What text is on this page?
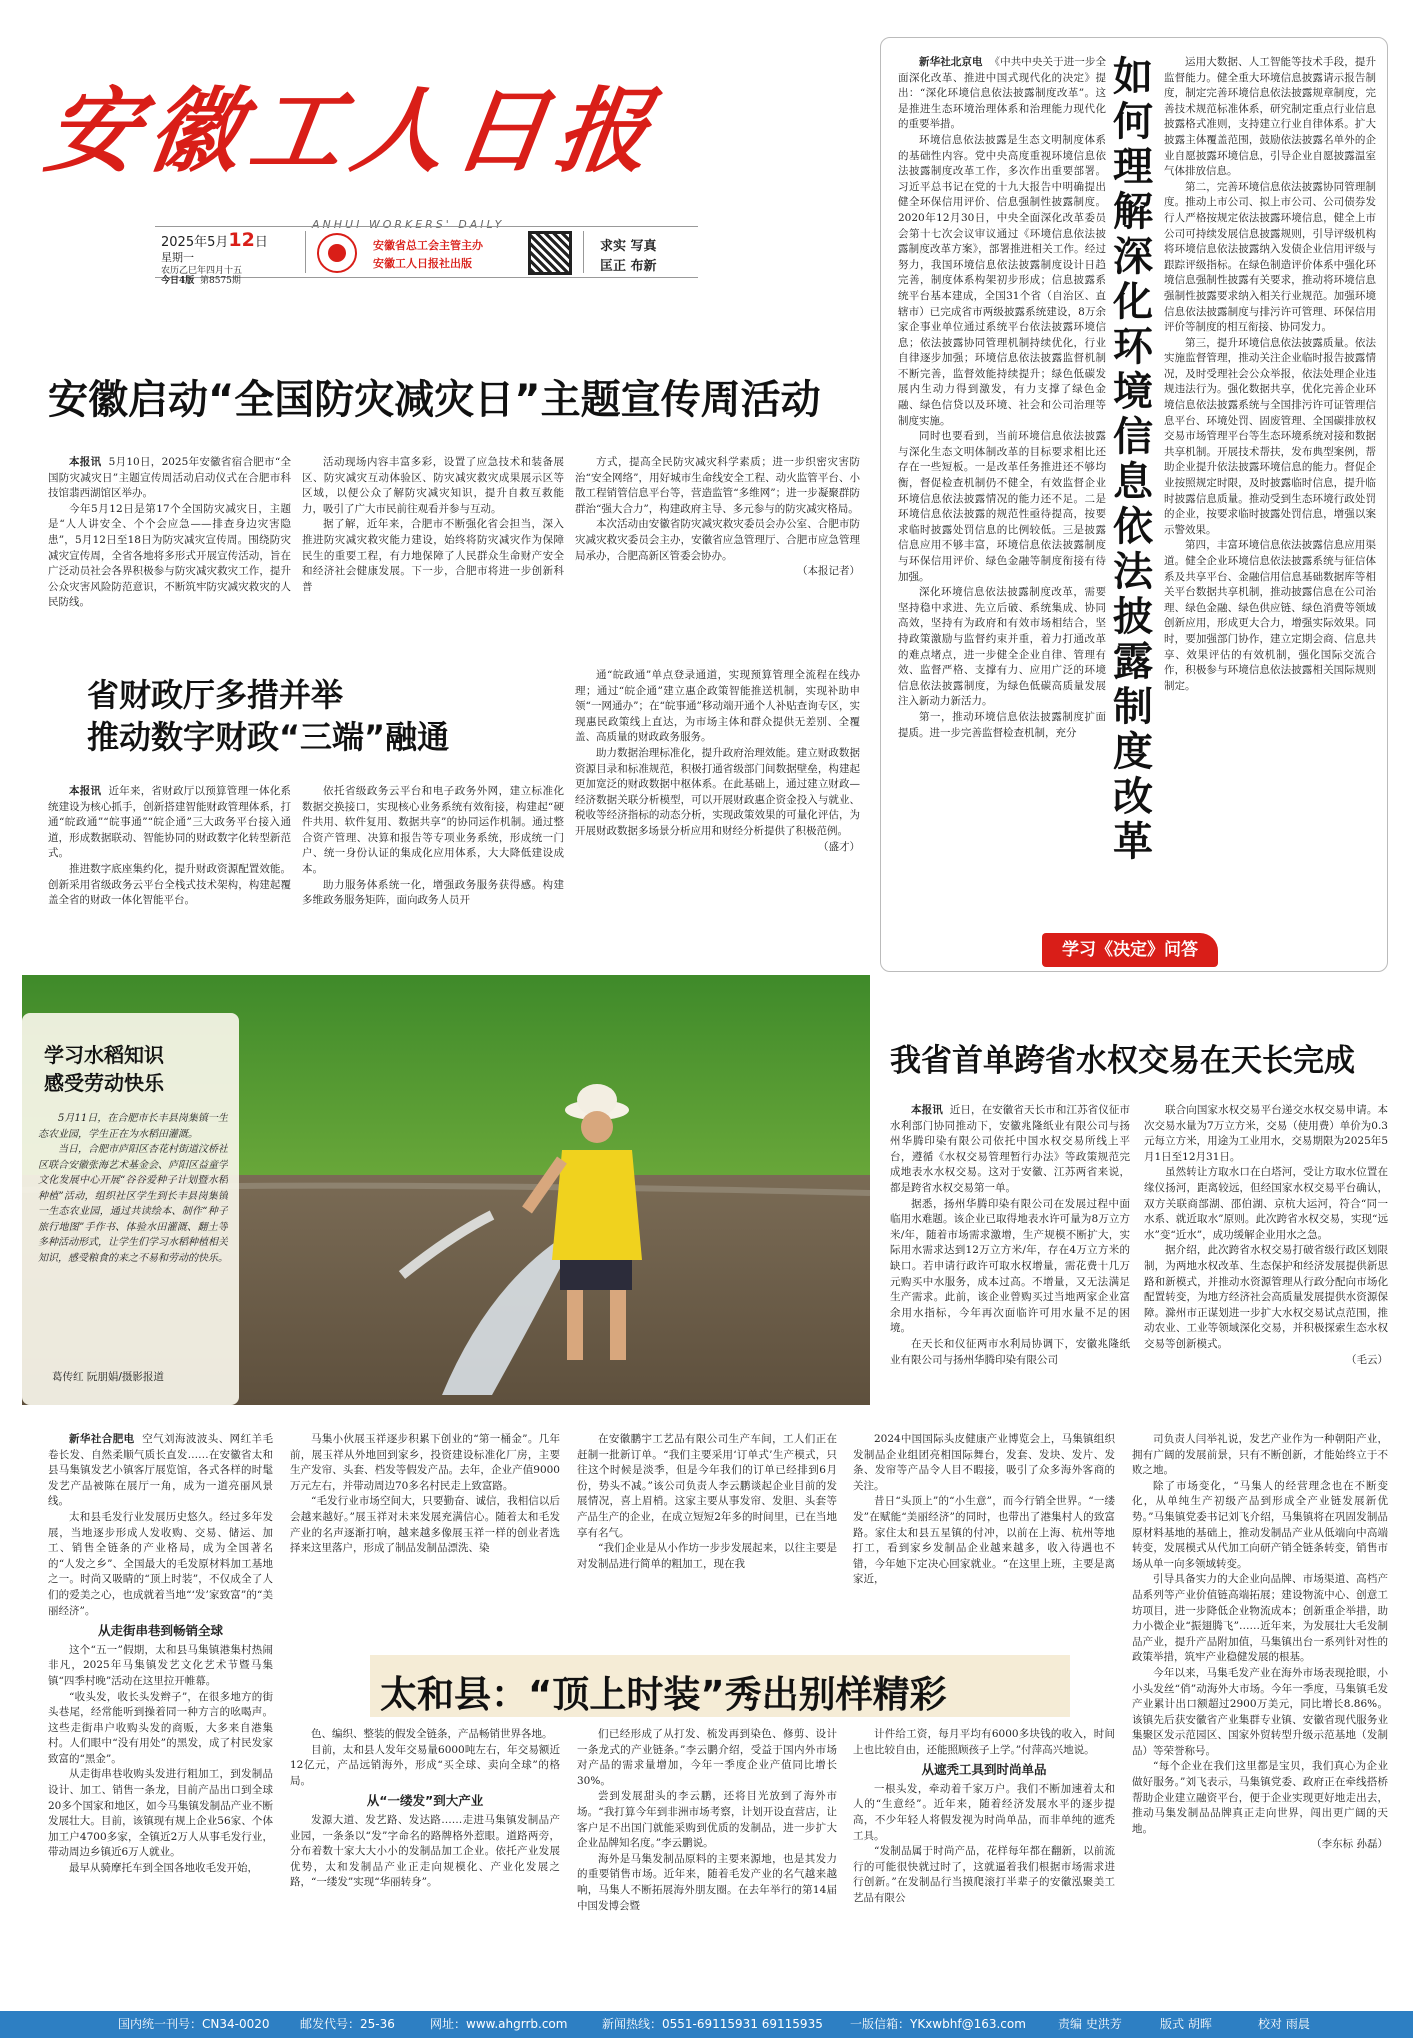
安徽工人日报
ANHUI WORKERS' DAILY
2025年5月12日
星期一
农历乙巳年四月十五
今日4版 第8575期
安徽省总工会主管主办
安徽工人日报社出版
求实 写真
匡正 布新
安徽启动“全国防灾减灾日”主题宣传周活动

本报讯 5月10日，2025年安徽省宿合肥市“全国防灾减灾日”主题宣传周活动启动仪式在合肥市科技馆翡西湖馆区举办。

今年5月12日是第17个全国防灾减灾日，主题是“人人讲安全、个个会应急——排查身边灾害隐患”，5月12日至18日为防灾减灾宣传周。围绕防灾减灾宣传周，全省各地将多形式开展宣传活动，旨在广泛动员社会各界积极参与防灾减灾救灾工作，提升公众灾害风险防范意识，不断筑牢防灾减灾救灾的人民防线。

活动现场内容丰富多彩，设置了应急技术和装备展区、防灾减灾互动体验区、防灾减灾救灾成果展示区等区域，以便公众了解防灾减灾知识，提升自救互救能力，吸引了广大市民前往观看并参与互动。

据了解，近年来，合肥市不断强化省会担当，深入推进防灾减灾救灾能力建设，始终将防灾减灾作为保障民生的重要工程，有力地保障了人民群众生命财产安全和经济社会健康发展。下一步，合肥市将进一步创新科普

方式，提高全民防灾减灾科学素质；进一步织密灾害防治“安全网络”，用好城市生命线安全工程、动火监管平台、小散工程销管信息平台等，营造监管“多维网”；进一步凝聚群防群治“强大合力”，构建政府主导、多元参与的防灾减灾格局。

本次活动由安徽省防灾减灾救灾委员会办公室、合肥市防灾减灾救灾委员会主办，安徽省应急管理厅、合肥市应急管理局承办，合肥高新区管委会协办。

（本报记者）
省财政厅多措并举
推动数字财政“三端”融通

本报讯 近年来，省财政厅以预算管理一体化系统建设为核心抓手，创新搭建智能财政管理体系，打通“皖政通”“皖事通”“皖企通”三大政务平台接入通道，形成数据联动、智能协同的财政数字化转型新范式。

推进数字底座集约化，提升财政资源配置效能。创新采用省级政务云平台全栈式技术架构，构建起覆盖全省的财政一体化智能平台。

依托省级政务云平台和电子政务外网，建立标准化数据交换接口，实现核心业务系统有效衔接，构建起“硬件共用、软件复用、数据共享”的协同运作机制。通过整合资产管理、决算和报告等专项业务系统，形成统一门户、统一身份认证的集成化应用体系，大大降低建设成本。

助力服务体系统一化，增强政务服务获得感。构建多维政务服务矩阵，面向政务人员开

通“皖政通”单点登录通道，实现预算管理全流程在线办理；通过“皖企通”建立惠企政策智能推送机制，实现补助申领“一网通办”；在“皖事通”移动端开通个人补贴查询专区，实现惠民政策线上直达，为市场主体和群众提供无差别、全覆盖、高质量的财政政务服务。

助力数据治理标准化，提升政府治理效能。建立财政数据资源目录和标准规范，积极打通省级部门间数据壁垒，构建起更加宽泛的财政数据中枢体系。在此基础上，通过建立财政—经济数据关联分析模型，可以开展财政惠企资金投入与就业、税收等经济指标的动态分析，实现政策效果的可量化评估，为开展财政数据多场景分析应用和财经分析提供了积极范例。

（盛才）
如何理解深化环境信息依法披露制度改革

新华社北京电 《中共中央关于进一步全面深化改革、推进中国式现代化的决定》提出：“深化环境信息依法披露制度改革”。这是推进生态环境治理体系和治理能力现代化的重要举措。

环境信息依法披露是生态文明制度体系的基础性内容。党中央高度重视环境信息依法披露制度改革工作，多次作出重要部署。习近平总书记在党的十九大报告中明确提出健全环保信用评价、信息强制性披露制度。2020年12月30日，中央全面深化改革委员会第十七次会议审议通过《环境信息依法披露制度改革方案》，部署推进相关工作。经过努力，我国环境信息依法披露制度设计日趋完善，制度体系构架初步形成；信息披露系统平台基本建成，全国31个省（自治区、直辖市）已完成省市两级披露系统建设，8万余家企事业单位通过系统平台依法披露环境信息；依法披露协同管理机制持续优化，行业自律逐步加强；环境信息依法披露监督机制不断完善，监督效能持续提升；绿色低碳发展内生动力得到激发，有力支撑了绿色金融、绿色信贷以及环境、社会和公司治理等制度实施。

同时也要看到，当前环境信息依法披露与深化生态文明体制改革的目标要求相比还存在一些短板。一是改革任务推进还不够均衡，督促检查机制仍不健全，有效监督企业环境信息依法披露情况的能力还不足。二是环境信息依法披露的规范性亟待提高，按要求临时披露处罚信息的比例较低。三是披露信息应用不够丰富，环境信息依法披露制度与环保信用评价、绿色金融等制度衔接有待加强。

深化环境信息依法披露制度改革，需要坚持稳中求进、先立后破、系统集成、协同高效，坚持有为政府和有效市场相结合，坚持政策激励与监督约束并重，着力打通改革的难点堵点，进一步健全企业自律、管理有效、监督严格、支撑有力、应用广泛的环境信息依法披露制度，为绿色低碳高质量发展注入新动力新活力。

第一，推动环境信息依法披露制度扩面提质。进一步完善监督检查机制，充分

运用大数据、人工智能等技术手段，提升监督能力。健全重大环境信息披露请示报告制度，制定完善环境信息依法披露规章制度，完善技术规范标准体系，研究制定重点行业信息披露格式准则，支持建立行业自律体系。扩大披露主体覆盖范围，鼓励依法披露名单外的企业自愿披露环境信息，引导企业自愿披露温室气体排放信息。

第二，完善环境信息依法披露协同管理制度。推动上市公司、拟上市公司、公司债券发行人严格按规定依法披露环境信息，健全上市公司可持续发展信息披露规则，引导评级机构将环境信息依法披露纳入发债企业信用评级与跟踪评级指标。在绿色制造评价体系中强化环境信息强制性披露有关要求，推动将环境信息强制性披露要求纳入相关行业规范。加强环境信息依法披露制度与排污许可管理、环保信用评价等制度的相互衔接、协同发力。

第三，提升环境信息依法披露质量。依法实施监督管理，推动关注企业临时报告披露情况，及时受理社会公众举报，依法处理企业违规违法行为。强化数据共享，优化完善企业环境信息依法披露系统与全国排污许可证管理信息平台、环境处罚、固废管理、全国碳排放权交易市场管理平台等生态环境系统对接和数据共享机制。开展技术帮扶，发布典型案例，帮助企业提升依法披露环境信息的能力。督促企业按照规定时限，及时披露临时信息，提升临时披露信息质量。推动受到生态环境行政处罚的企业，按要求临时披露处罚信息，增强以案示警效果。

第四，丰富环境信息依法披露信息应用渠道。健全企业环境信息依法披露系统与征信体系及共享平台、金融信用信息基础数据库等相关平台数据共享机制，推动披露信息在公司治理、绿色金融、绿色供应链、绿色消费等领域创新应用，形成更大合力，增强实际效果。同时，要加强部门协作，建立定期会商、信息共享、效果评估的有效机制，强化国际交流合作，积极参与环境信息依法披露相关国际规则制定。

学习《决定》问答
学习水稻知识
感受劳动快乐

5月11日，在合肥市长丰县岗集镇一生态农业园，学生正在为水稻田灌溉。

当日，合肥市庐阳区杏花村街道汶桥社区联合安徽张海艺术基金会、庐阳区益童学文化发展中心开展“谷谷爱种子计划暨水稻种植”活动，组织社区学生到长丰县岗集镇一生态农业园，通过共读绘本、制作“种子旅行地图”手作书、体验水田灌溉、翻土等多种活动形式，让学生们学习水稻种植相关知识，感受粮食的来之不易和劳动的快乐。

葛传红 阮朋娟/摄影报道
我省首单跨省水权交易在天长完成

本报讯 近日，在安徽省天长市和江苏省仪征市水利部门协同推动下，安徽兆隆纸业有限公司与扬州华腾印染有限公司依托中国水权交易所线上平台，遵循《水权交易管理暂行办法》等政策规范完成地表水水权交易。这对于安徽、江苏两省来说，都是跨省水权交易第一单。

据悉，扬州华腾印染有限公司在发展过程中面临用水难题。该企业已取得地表水许可量为8万立方米/年，随着市场需求激增，生产规模不断扩大，实际用水需求达到12万立方米/年，存在4万立方米的缺口。若申请行政许可取水权增量，需花费十几万元购买中水服务，成本过高。不增量，又无法满足生产需求。此前，该企业曾购买过当地两家企业富余用水指标，今年再次面临许可用水量不足的困境。

在天长和仪征两市水利局协调下，安徽兆隆纸业有限公司与扬州华腾印染有限公司

联合向国家水权交易平台递交水权交易申请。本次交易水量为7万立方米，交易（使用费）单价为0.3元每立方米，用途为工业用水，交易期限为2025年5月1日至12月31日。

虽然转让方取水口在白塔河，受让方取水位置在缘仪扬河，距离较远，但经国家水权交易平台确认，双方关联商部湖、邵伯湖、京杭大运河，符合“同一水系、就近取水”原则。此次跨省水权交易，实现“远水”变“近水”，成功缓解企业用水之急。

据介绍，此次跨省水权交易打破省级行政区划限制，为两地水权改革、生态保护和经济发展提供新思路和新模式，并推动水资源管理从行政分配向市场化配置转变，为地方经济社会高质量发展提供水资源保障。滁州市正谋划进一步扩大水权交易试点范围，推动农业、工业等领域深化交易，并积极探索生态水权交易等创新模式。

（毛云）

新华社合肥电 空气刘海波波头、网红羊毛卷长发、自然柔顺气质长直发……在安徽省太和县马集镇发艺小镇客厅展览馆，各式各样的时髦发艺产品被陈在展厅一角，成为一道亮丽风景线。

太和县毛发行业发展历史悠久。经过多年发展，当地逐步形成人发收购、交易、储运、加工、销售全链条的产业格局，成为全国著名的“人发之乡”、全国最大的毛发原材料加工基地之一。时尚又吸睛的“顶上时装”，不仅成全了人们的爱美之心，也成就着当地“‘发’家致富”的“美丽经济”。

从走街串巷到畅销全球

这个“五一”假期，太和县马集镇港集村热闹非凡，2025年马集镇发艺文化艺术节暨马集镇“四季村晚”活动在这里拉开帷幕。

“收头发，收长头发辫子”，在很多地方的街头巷尾，经常能听到操着同一种方言的吆喝声。这些走街串户收购头发的商贩，大多来自港集村。人们眼中“没有用处”的黑发，成了村民发家致富的“黑金”。

从走街串巷收购头发进行粗加工，到发制品设计、加工、销售一条龙，目前产品出口到全球20多个国家和地区，如今马集镇发制品产业不断发展壮大。目前，该镇现有规上企业56家、个体加工户4700多家，全镇近2万人从事毛发行业，带动周边乡镇近6万人就业。

最早从骑摩托车到全国各地收毛发开始，

马集小伙展玉祥逐步积累下创业的“第一桶金”。几年前，展玉祥从外地回到家乡，投资建设标准化厂房，主要生产发帘、头套、档发等假发产品。去年，企业产值9000万元左右，并带动周边70多名村民走上致富路。

“毛发行业市场空间大，只要勤奋、诚信，我相信以后会越来越好。”展玉祥对未来发展充满信心。随着太和毛发产业的名声逐渐打响，越来越多像展玉祥一样的创业者选择来这里落户，形成了制品发制品漂洗、染

在安徽鹏宇工艺品有限公司生产车间，工人们正在赶制一批新订单。“我们主要采用‘订单式’生产模式，只往这个时候是淡季，但是今年我们的订单已经排到6月份，势头不减。”该公司负责人李云鹏谈起企业目前的发展情况，喜上眉梢。这家主要从事发帘、发胆、头套等产品生产的企业，在成立短短2年多的时间里，已在当地享有名气。

“我们企业是从小作坊一步步发展起来，以往主要是对发制品进行简单的粗加工，现在我

2024中国国际头皮健康产业博览会上，马集镇组织发制品企业组团亮相国际舞台，发套、发块、发片、发条、发帘等产品令人目不暇接，吸引了众多海外客商的关注。

昔日“头顶上”的“小生意”，而今行销全世界。“一缕发”在赋能“美丽经济”的同时，也带出了港集村人的致富路。家住太和县五星镇的付冲，以前在上海、杭州等地打工，看到家乡发制品企业越来越多，收入待遇也不错，今年她下定决心回家就业。“在这里上班，主要是离家近，

太和县：“顶上时装”秀出别样精彩

色、编织、整装的假发全链条，产品畅销世界各地。

目前，太和县人发年交易量6000吨左右，年交易额近12亿元，产品远销海外，形成“买全球、卖向全球”的格局。

从“一缕发”到大产业

发源大道、发艺路、发达路……走进马集镇发制品产业园，一条条以“发”字命名的路牌格外惹眼。道路两旁，分布着数十家大大小小的发制品加工企业。依托产业发展优势，太和发制品产业正走向规模化、产业化发展之路，“一缕发”实现“华丽转身”。

们已经形成了从打发、梳发再到染色、修剪、设计一条龙式的产业链条。”李云鹏介绍，受益于国内外市场对产品的需求量增加，今年一季度企业产值同比增长30%。

尝到发展甜头的李云鹏，还将目光放到了海外市场。“我打算今年到非洲市场考察，计划开设直营店，让客户足不出国门就能采购到优质的发制品，进一步扩大企业品牌知名度。”李云鹏说。

海外是马集发制品原料的主要来源地，也是其发力的重要销售市场。近年来，随着毛发产业的名气越来越响，马集人不断拓展海外朋友圈。在去年举行的第14届中国发博会暨

计件给工资，每月平均有6000多块钱的收入，时间上也比较自由，还能照顾孩子上学。”付萍高兴地说。

从遮秃工具到时尚单品

一根头发，牵动着千家万户。我们不断加速着太和人的“生意经”。近年来，随着经济发展水平的逐步提高，不少年轻人将假发视为时尚单品，而非单纯的遮秃工具。

“发制品属于时尚产品，花样每年都在翻新，以前流行的可能很快就过时了，这就逼着我们根据市场需求进行创新。”在发制品行当摸爬滚打半辈子的安徽泓聚美工艺品有限公

司负责人闫举礼说，发艺产业作为一种朝阳产业，拥有广阔的发展前景，只有不断创新，才能始终立于不败之地。

除了市场变化，“马集人的经营理念也在不断变化，从单纯生产初级产品到形成全产业链发展新优势。”马集镇党委书记刘飞介绍，马集镇将在巩固发制品原材料基地的基础上，推动发制品产业从低端向中高端转变，发展模式从代加工向研产销全链条转变，销售市场从单一向多领域转变。

引导具备实力的大企业向品牌、市场渠道、高档产品系列等产业价值链高端拓展；建设物流中心、创意工坊项目，进一步降低企业物流成本；创新重企举措，助力小微企业“振翅腾飞”……近年来，为发展壮大毛发制品产业，提升产品附加值，马集镇出台一系列针对性的政策举措，筑牢产业稳健发展的根基。

今年以来，马集毛发产业在海外市场表现抢眼，小小头发丝“俏”动海外大市场。今年一季度，马集镇毛发产业累计出口额超过2900万美元，同比增长8.86%。该镇先后获安徽省产业集群专业镇、安徽省现代服务业集聚区发示范园区、国家外贸转型升级示范基地（发制品）等荣誉称号。

“每个企业在我们这里都是宝贝，我们真心为企业做好服务。”刘飞表示，马集镇党委、政府正在牵线搭桥帮助企业建立融资平台，便于企业实现更好地走出去，推动马集发制品品牌真正走向世界，闯出更广阔的天地。

（李东标 孙磊）
国内统一刊号：CN34-0020	邮发代号：25-36	网址：www.ahgrrb.com	新闻热线：0551-69115931 69115935 一版信箱：YKxwbhf@163.com	责编 史洪芳	版式 胡晖	校对 雨晨
